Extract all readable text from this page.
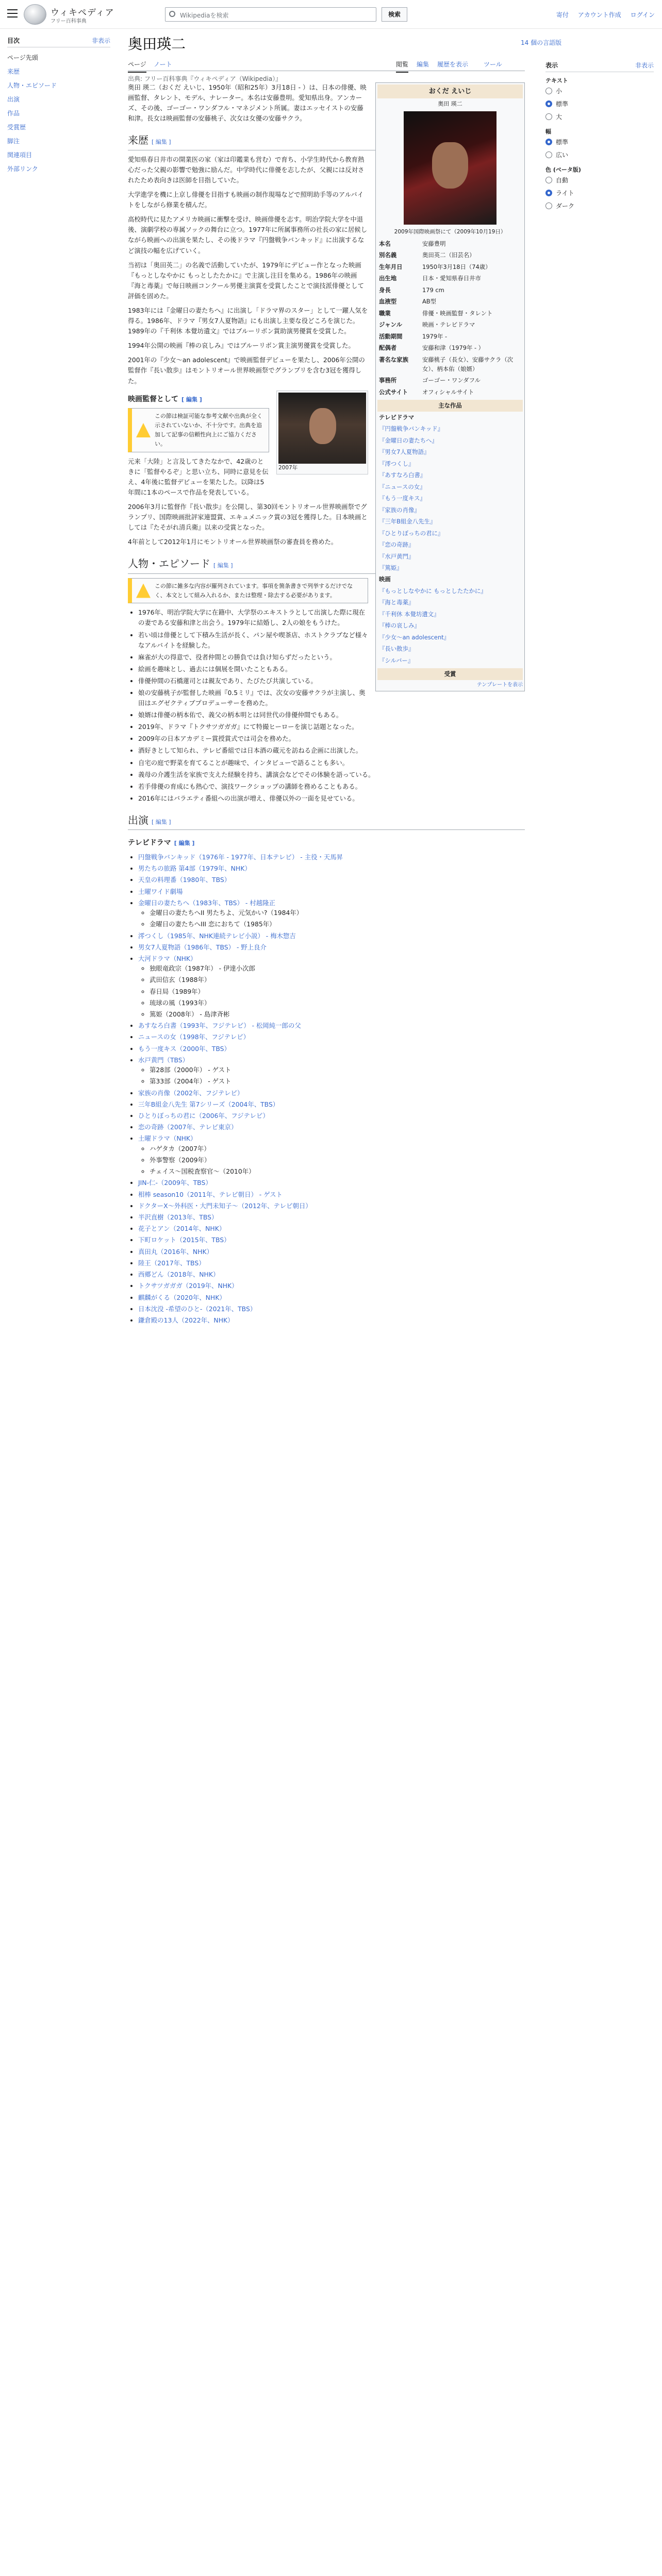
ウィキペディア
フリー百科事典
Wikipediaを検索	検索	寄付 アカウント作成 ログイン
目次	非表示
ページ先頭
来歴
人物・エピソード
出演
作品
受賞歴
脚注
関連項目
外部リンク
奥田瑛二	14 個の言語版
ページ ノート	閲覧 編集 履歴を表示 ツール	表示	非表示
テキスト
小
標準
大
幅
標準
広い
色 (ベータ版)
自動
ライト
ダーク
出典: フリー百科事典『ウィキペディア（Wikipedia）』
おくだ えいじ
奥田 瑛二
2009年国際映画祭にて（2009年10月19日）
本名	安藤豊明
別名義	奥田英二（旧芸名）
生年月日	1950年3月18日（74歳）
出生地	日本・愛知県春日井市
身長	179 cm
血液型	AB型
職業	俳優・映画監督・タレント
ジャンル	映画・テレビドラマ
活動期間	1979年 -
配偶者	安藤和津（1979年 - ）
著名な家族	安藤桃子（長女）、安藤サクラ（次女）、柄本佑（娘婿）
事務所	ゴーゴー・ワンダフル
公式サイト	オフィシャルサイト
主な作品
テレビドラマ
『円盤戦争バンキッド』
『金曜日の妻たちへ』
『男女7人夏物語』
『澪つくし』
『あすなろ白書』
『ニュースの女』
『もう一度キス』
『家族の肖像』
『三年B組金八先生』
『ひとりぼっちの君に』
『恋の奇跡』
『水戸黄門』
『篤姫』
映画
『もっとしなやかに もっとしたたかに』
『海と毒薬』
『千利休 本覺坊遺文』
『棒の哀しみ』
『少女〜an adolescent』
『長い散歩』
『シルバー』
受賞
テンプレートを表示

奥田 瑛二（おくだ えいじ、1950年（昭和25年）3月18日 - ）は、日本の俳優、映画監督、タレント、モデル、ナレーター。本名は安藤豊明。愛知県出身。アンカーズ、その後、ゴーゴー・ワンダフル・マネジメント所属。妻はエッセイストの安藤和津。長女は映画監督の安藤桃子、次女は女優の安藤サクラ。

来歴 [ 編集 ]

愛知県春日井市の開業医の家（家は印鑑業も営む）で育ち、小学生時代から教育熱心だった父親の影響で勉強に励んだ。中学時代に俳優を志したが、父親には反対されたため表向きは医師を目指していた。

大学進学を機に上京し俳優を目指すも映画の制作現場などで照明助手等のアルバイトをしながら修業を積んだ。

高校時代に見たアメリカ映画に衝撃を受け、映画俳優を志す。明治学院大学を中退後、演劇学校の専属ソックの舞台に立つ。1977年に所属事務所の社長の家に居候しながら映画への出演を果たし、その後ドラマ『円盤戦争バンキッド』に出演するなど演技の幅を広げていく。

当初は「奥田英二」の名義で活動していたが、1979年にデビュー作となった映画『もっとしなやかに もっとしたたかに』で主演し注目を集める。1986年の映画『海と毒薬』で毎日映画コンクール男優主演賞を受賞したことで演技派俳優として評価を固めた。

1983年には『金曜日の妻たちへ』に出演し「ドラマ界のスター」として一躍人気を得る。1986年、ドラマ『男女7人夏物語』にも出演し主要な役どころを演じた。1989年の『千利休 本覺坊遺文』ではブルーリボン賞助演男優賞を受賞した。

1994年公開の映画『棒の哀しみ』ではブルーリボン賞主演男優賞を受賞した。

2001年の『少女〜an adolescent』で映画監督デビューを果たし、2006年公開の監督作『長い散歩』はモントリオール世界映画祭でグランプリを含む3冠を獲得した。

2007年
映画監督として [ 編集 ]
この節は検証可能な参考文献や出典が全く示されていないか、不十分です。出典を追加して記事の信頼性向上にご協力ください。

元来「大陸」と言及してきたなかで、42歳のときに「監督やるぞ」と思い立ち、同時に意見を伝え、4年後に監督デビューを果たした。以降は5年間に1本のペースで作品を発表している。

2006年3月に監督作『長い散歩』を公開し、第30回モントリオール世界映画祭でグランプリ、国際映画批評家連盟賞、エキュメニック賞の3冠を獲得した。日本映画としては『たそがれ清兵衛』以来の受賞となった。

4年前として2012年1月にモントリオール世界映画祭の審査員を務めた。

人物・エピソード [ 編集 ]
この節に雑多な内容が羅列されています。事項を箇条書きで列挙するだけでなく、本文として組み入れるか、または整理・除去する必要があります。
• 1976年、明治学院大学に在籍中、大学祭のエキストラとして出演した際に現在の妻である安藤和津と出会う。1979年に結婚し、2人の娘をもうけた。
• 若い頃は俳優として下積み生活が長く、パン屋や喫茶店、ホストクラブなど様々なアルバイトを経験した。
• 麻雀が大の得意で、役者仲間との勝負では負け知らずだったという。
• 絵画を趣味とし、過去には個展を開いたこともある。
• 俳優仲間の石橋蓮司とは親友であり、たびたび共演している。
• 娘の安藤桃子が監督した映画『0.5ミリ』では、次女の安藤サクラが主演し、奥田はエグゼクティブプロデューサーを務めた。
• 娘婿は俳優の柄本佑で、義父の柄本明とは同世代の俳優仲間でもある。
• 2019年、ドラマ『トクサツガガガ』にて特撮ヒーローを演じ話題となった。
• 2009年の日本アカデミー賞授賞式では司会を務めた。
• 酒好きとして知られ、テレビ番組では日本酒の蔵元を訪ねる企画に出演した。
• 自宅の庭で野菜を育てることが趣味で、インタビューで語ることも多い。
• 義母の介護生活を家族で支えた経験を持ち、講演会などでその体験を語っている。
• 若手俳優の育成にも熱心で、演技ワークショップの講師を務めることもある。
• 2016年にはバラエティ番組への出演が増え、俳優以外の一面を見せている。
出演 [ 編集 ]
テレビドラマ [ 編集 ]
• 円盤戦争バンキッド（1976年 - 1977年、日本テレビ） - 主役・天馬昇
• 男たちの旅路 第4部（1979年、NHK）
• 天皇の料理番（1980年、TBS）
• 土曜ワイド劇場
• 金曜日の妻たちへ（1983年、TBS） - 村越隆正
◦ 金曜日の妻たちへII 男たちよ、元気かい?（1984年）
◦ 金曜日の妻たちへIII 恋におちて（1985年）
• 澪つくし（1985年、NHK連続テレビ小説） - 梅木惣吉
• 男女7人夏物語（1986年、TBS） - 野上良介
• 大河ドラマ（NHK）
◦ 独眼竜政宗（1987年） - 伊達小次郎
◦ 武田信玄（1988年）
◦ 春日局（1989年）
◦ 琉球の風（1993年）
◦ 篤姫（2008年） - 島津斉彬
• あすなろ白書（1993年、フジテレビ） - 松岡純一郎の父
• ニュースの女（1998年、フジテレビ）
• もう一度キス（2000年、TBS）
• 水戸黄門（TBS）
◦ 第28部（2000年） - ゲスト
◦ 第33部（2004年） - ゲスト
• 家族の肖像（2002年、フジテレビ）
• 三年B組金八先生 第7シリーズ（2004年、TBS）
• ひとりぼっちの君に（2006年、フジテレビ）
• 恋の奇跡（2007年、テレビ東京）
• 土曜ドラマ（NHK）
◦ ハゲタカ（2007年）
◦ 外事警察（2009年）
◦ チェイス〜国税査察官〜（2010年）
• JIN-仁-（2009年、TBS）
• 相棒 season10（2011年、テレビ朝日） - ゲスト
• ドクターX〜外科医・大門未知子〜（2012年、テレビ朝日）
• 半沢直樹（2013年、TBS）
• 花子とアン（2014年、NHK）
• 下町ロケット（2015年、TBS）
• 真田丸（2016年、NHK）
• 陸王（2017年、TBS）
• 西郷どん（2018年、NHK）
• トクサツガガガ（2019年、NHK）
• 麒麟がくる（2020年、NHK）
• 日本沈没 -希望のひと-（2021年、TBS）
• 鎌倉殿の13人（2022年、NHK）
